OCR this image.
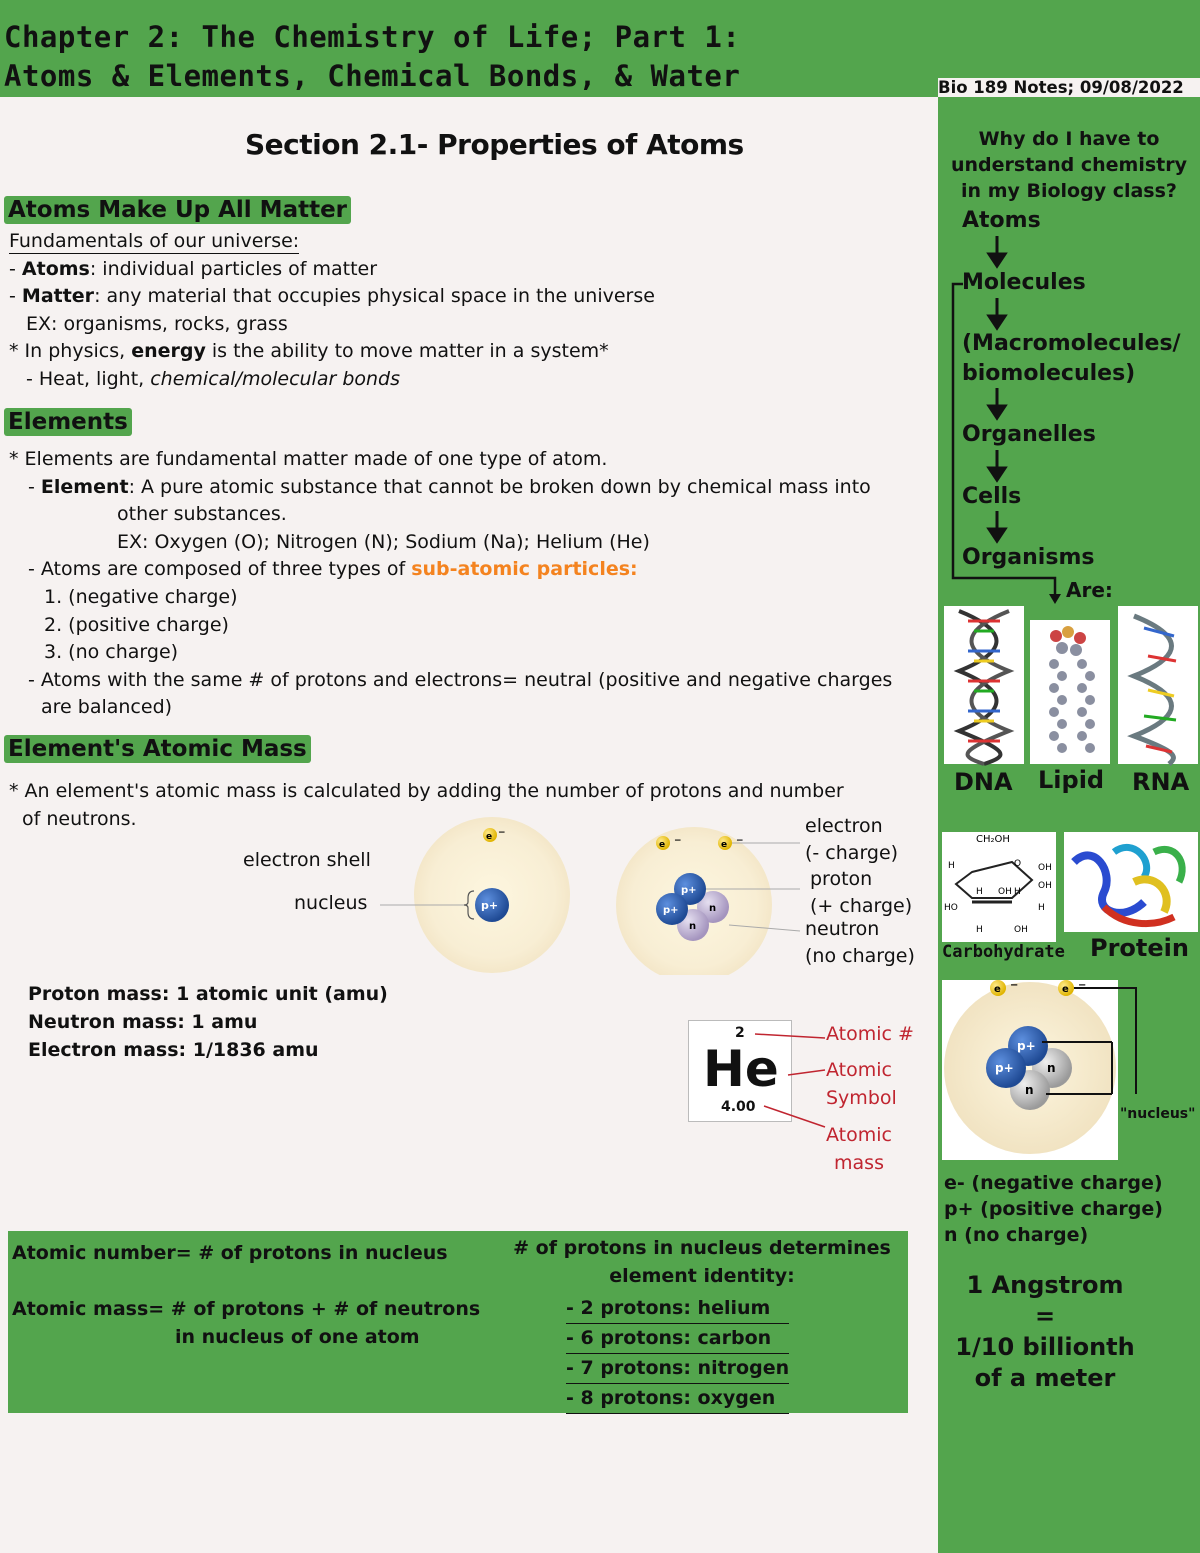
Chapter 2: The Chemistry of Life; Part 1:
Atoms & Elements, Chemical Bonds, & Water	Bio 189 Notes; 09/08/2022
Section 2.1- Properties of Atoms
Atoms Make Up All Matter
Fundamentals of our universe:
- Atoms: individual particles of matter
- Matter: any material that occupies physical space in the universe
EX: organisms, rocks, grass
* In physics, energy is the ability to move matter in a system*
- Heat, light, chemical/molecular bonds
Elements
* Elements are fundamental matter made of one type of atom.
- Element: A pure atomic substance that cannot be broken down by chemical mass into
other substances.
EX: Oxygen (O); Nitrogen (N); Sodium (Na); Helium (He)
- Atoms are composed of three types of sub-atomic particles:
1. (negative charge)
2. (positive charge)
3. (no charge)
- Atoms with the same # of protons and electrons= neutral (positive and negative charges
are balanced)
Element's Atomic Mass
* An element's atomic mass is calculated by adding the number of protons and number
of neutrons.
e −
p+
e −	e −
n
n
p+
p+
electron shell
nucleus
electron
(- charge)
proton
(+ charge)
neutron
(no charge)
Proton mass: 1 atomic unit (amu)
Neutron mass: 1 amu
Electron mass: 1/1836 amu
2
He
4.00
Atomic #
Atomic
Symbol
Atomic
mass
Atomic number= # of protons in nucleus
Atomic mass= # of protons + # of neutrons
in nucleus of one atom
# of protons in nucleus determines
element identity:
- 2 protons: helium
- 6 protons: carbon
- 7 protons: nitrogen
- 8 protons: oxygen
Why do I have to
understand chemistry
in my Biology class?
Atoms
Molecules
(Macromolecules/
biomolecules)
Organelles
Cells
Organisms
Are:
DNA Lipid RNA
CH₂OH
H	O OH
H OH H
HO	H
OH
H
OH
Carbohydrate Protein
e −	e −
n
n
p+
p+
"nucleus"
e- (negative charge)
p+ (positive charge)
n (no charge)
1 Angstrom
=
1/10 billionth
of a meter
